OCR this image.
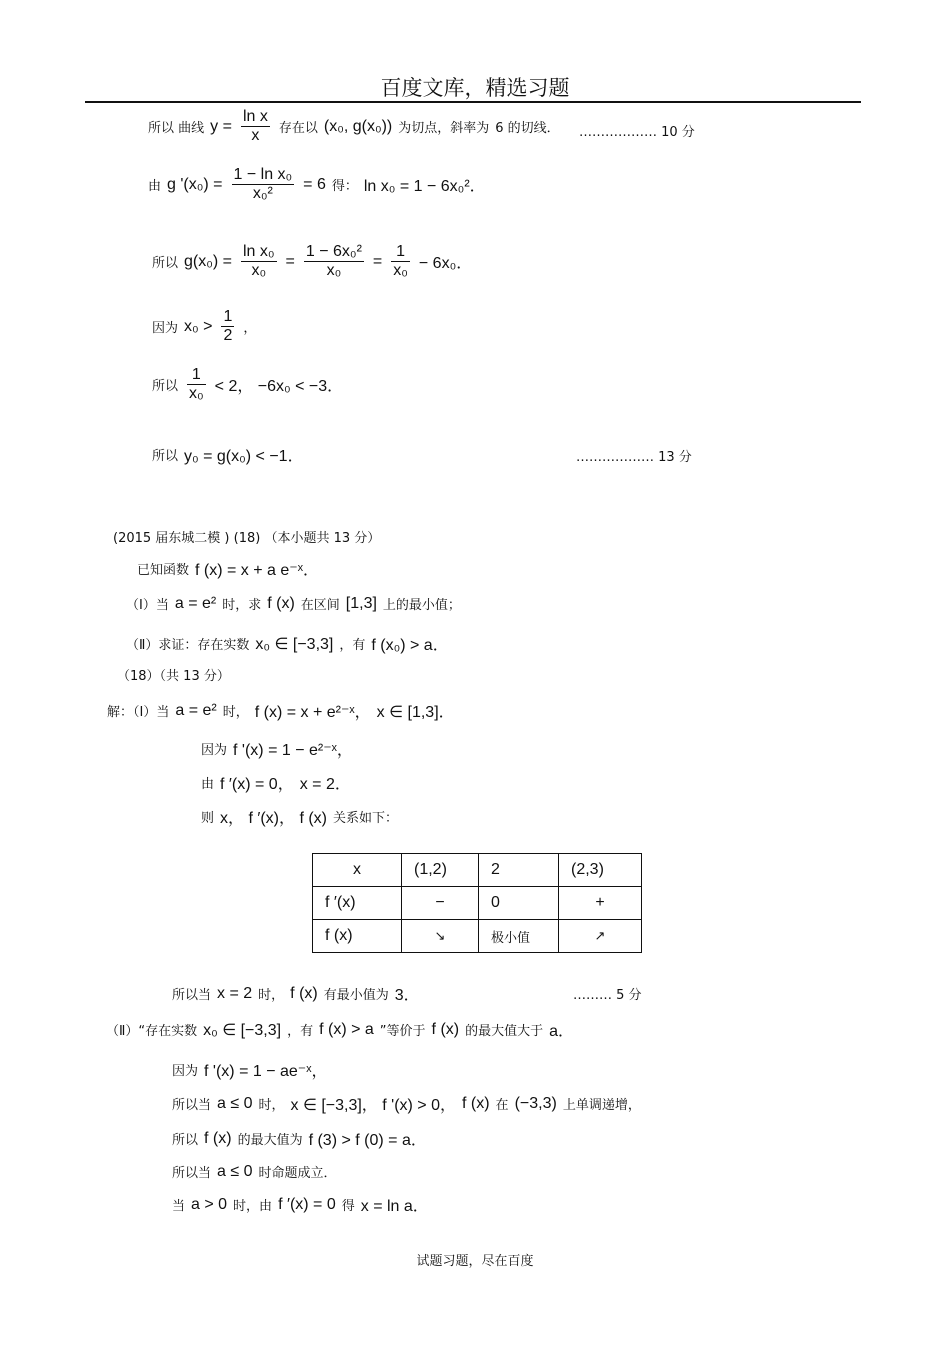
百度文库，精选习题
所以 曲线 $y = \frac{\text{ln x}}{x}$ 存在以 (x₀, g(x₀)) 为切点，斜率为 6 的切线． ……………… 10 分
由 g '$(x_0) = \frac{\text{1 − ln x₀}}{\text{x₀²}} = 6$ 得： ln x₀ = 1 − 6x₀²．
所以 $g(x_0) = \frac{\text{ln x₀}}{\text{x₀}} = \frac{\text{1 − 6x₀²}}{\text{x₀}} = \frac{1}{\text{x₀}} - 6x_0$．
因为 $x_0 > \frac{1}{2}$ ，
所以 $\frac{1}{\text{x₀}} < 2$， −6x₀ < −3．
所以 y₀ = g(x₀) < −1．	……………… 13 分
(2015 届东城二模 ) (18) （本小题共 13 分）
已知函数 f (x) = x + a e⁻ˣ．
（Ⅰ）当 a = e² 时，求 f (x) 在区间 [1,3] 上的最小值；
（Ⅱ）求证：存在实数 x₀ ∈ [−3,3] ，有 f (x₀) > a．
（18）（共 13 分）
解：（Ⅰ）当 a = e² 时， f (x) = x + e²⁻ˣ， x ∈ [1,3]．
因为 f '(x) = 1 − e²⁻ˣ，
由 f ′(x) = 0， x = 2．
则 x， f ′(x)， f (x) 关系如下：
x	(1,2)	2	(2,3)
f ′(x)	−	0	+
f (x)	↘	极小值	↗
所以当 x = 2 时， f (x) 有最小值为 3．	……… 5 分
（Ⅱ）“存在实数 x₀ ∈ [−3,3] ，有 f (x) > a ”等价于 f (x) 的最大值大于 a．
因为 f '(x) = 1 − ae⁻ˣ，
所以当 a ≤ 0 时， x ∈ [−3,3]， f '(x) > 0， f (x) 在 (−3,3) 上单调递增，
所以 f (x) 的最大值为 f (3) > f (0) = a．
所以当 a ≤ 0 时命题成立．
当 a > 0 时，由 f ′(x) = 0 得 x = ln a．
试题习题，尽在百度
